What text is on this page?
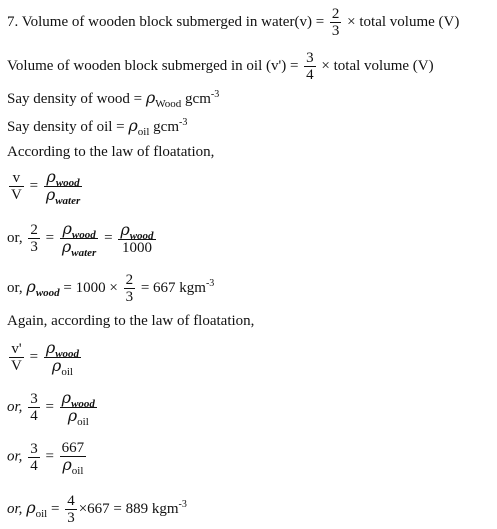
7. Volume of wooden block submerged in water(v) = $\frac{2}{3}$ × total volume (V)
Volume of wooden block submerged in oil $(v') = \frac{3}{4}$ × total volume (V)
Say density of wood = $\rho_{Wood}$ gcm$^{-3}$
Say density of oil = $\rho_{oil}$ gcm$^{-3}$
According to the law of floatation,
$\frac{v}{V} = \frac{\rho_{wood}}{\rho_{water}}$
or, $\frac{2}{3} = \frac{\rho_{wood}}{\rho_{water}} = \frac{\rho_{wood}}{1000}$
or, $\rho_{wood} = 1000 \times \frac{2}{3} = 667$ kgm$^{-3}$
Again, according to the law of floatation,
$\frac{v'}{V} = \frac{\rho_{wood}}{\rho_{oil}}$
or, $\frac{3}{4} = \frac{\rho_{wood}}{\rho_{oil}}$
or, $\frac{3}{4} = \frac{667}{\rho_{oil}}$
or, $\rho_{oil} = \frac{4}{3} \times 667 = 889$ kgm$^{-3}$
